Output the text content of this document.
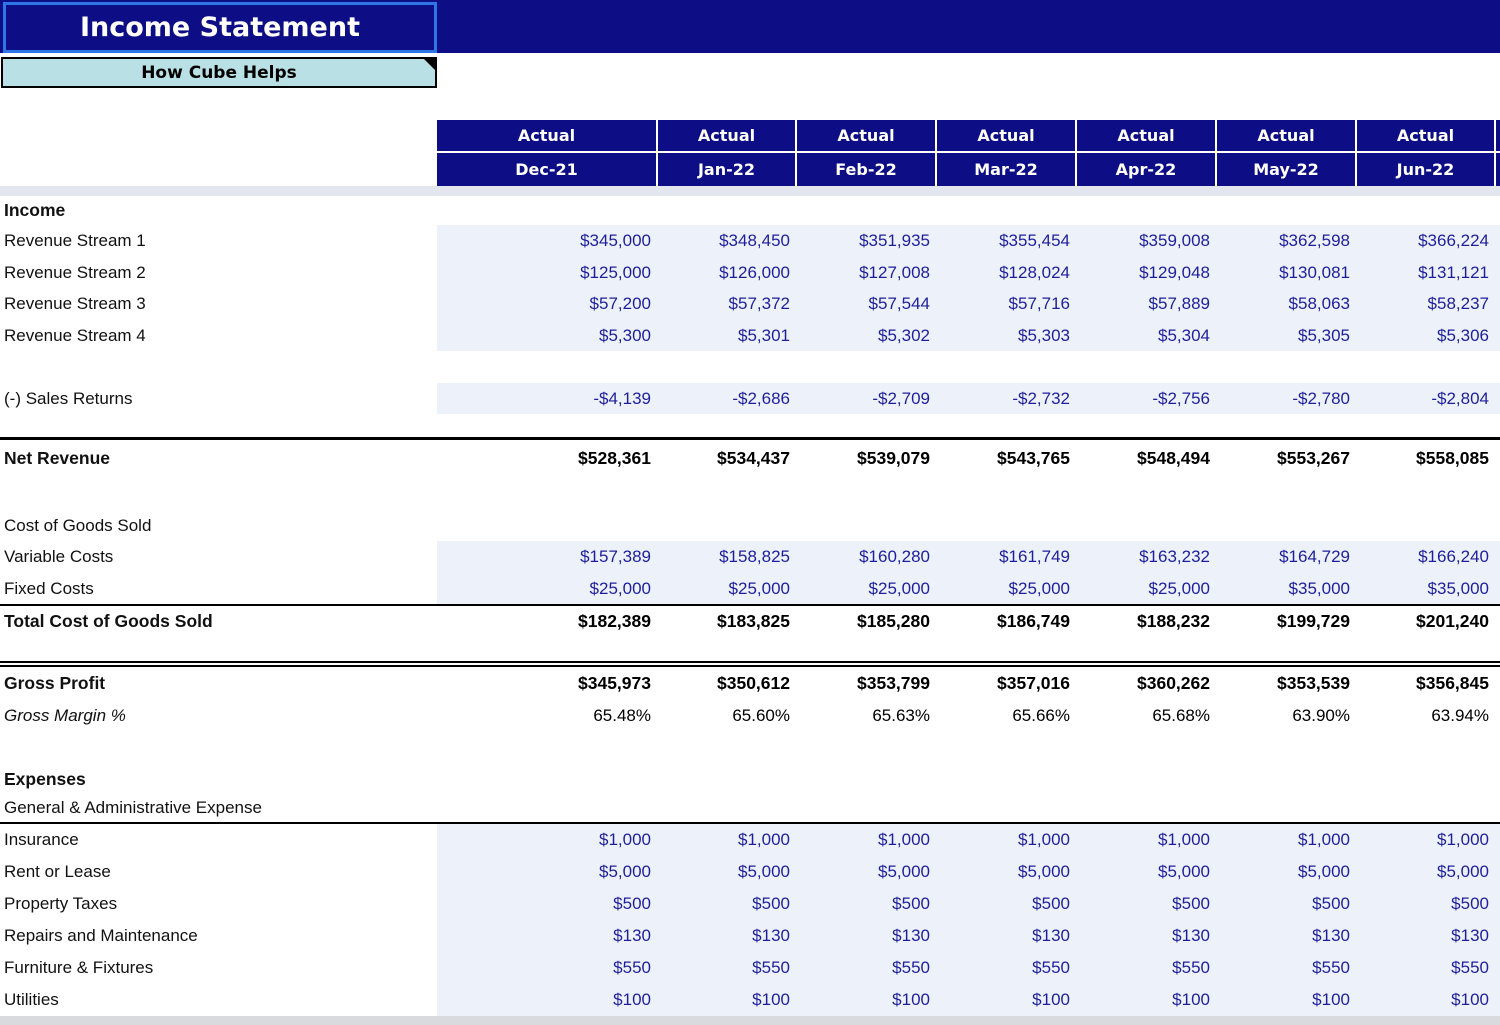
Income Statement
How Cube Helps
Actual	Actual	Actual	Actual	Actual	Actual	Actual
Dec-21	Jan-22	Feb-22	Mar-22	Apr-22	May-22	Jun-22
Income
Revenue Stream 1	$345,000	$348,450	$351,935	$355,454	$359,008	$362,598	$366,224
Revenue Stream 2	$125,000	$126,000	$127,008	$128,024	$129,048	$130,081	$131,121
Revenue Stream 3	$57,200	$57,372	$57,544	$57,716	$57,889	$58,063	$58,237
Revenue Stream 4	$5,300	$5,301	$5,302	$5,303	$5,304	$5,305	$5,306
(-) Sales Returns	-$4,139	-$2,686	-$2,709	-$2,732	-$2,756	-$2,780	-$2,804
Net Revenue	$528,361	$534,437	$539,079	$543,765	$548,494	$553,267	$558,085
Cost of Goods Sold
Variable Costs	$157,389	$158,825	$160,280	$161,749	$163,232	$164,729	$166,240
Fixed Costs	$25,000	$25,000	$25,000	$25,000	$25,000	$35,000	$35,000
Total Cost of Goods Sold	$182,389	$183,825	$185,280	$186,749	$188,232	$199,729	$201,240
Gross Profit	$345,973	$350,612	$353,799	$357,016	$360,262	$353,539	$356,845
Gross Margin %	65.48%	65.60%	65.63%	65.66%	65.68%	63.90%	63.94%
Expenses
General & Administrative Expense
Insurance	$1,000	$1,000	$1,000	$1,000	$1,000	$1,000	$1,000
Rent or Lease	$5,000	$5,000	$5,000	$5,000	$5,000	$5,000	$5,000
Property Taxes	$500	$500	$500	$500	$500	$500	$500
Repairs and Maintenance	$130	$130	$130	$130	$130	$130	$130
Furniture & Fixtures	$550	$550	$550	$550	$550	$550	$550
Utilities	$100	$100	$100	$100	$100	$100	$100
